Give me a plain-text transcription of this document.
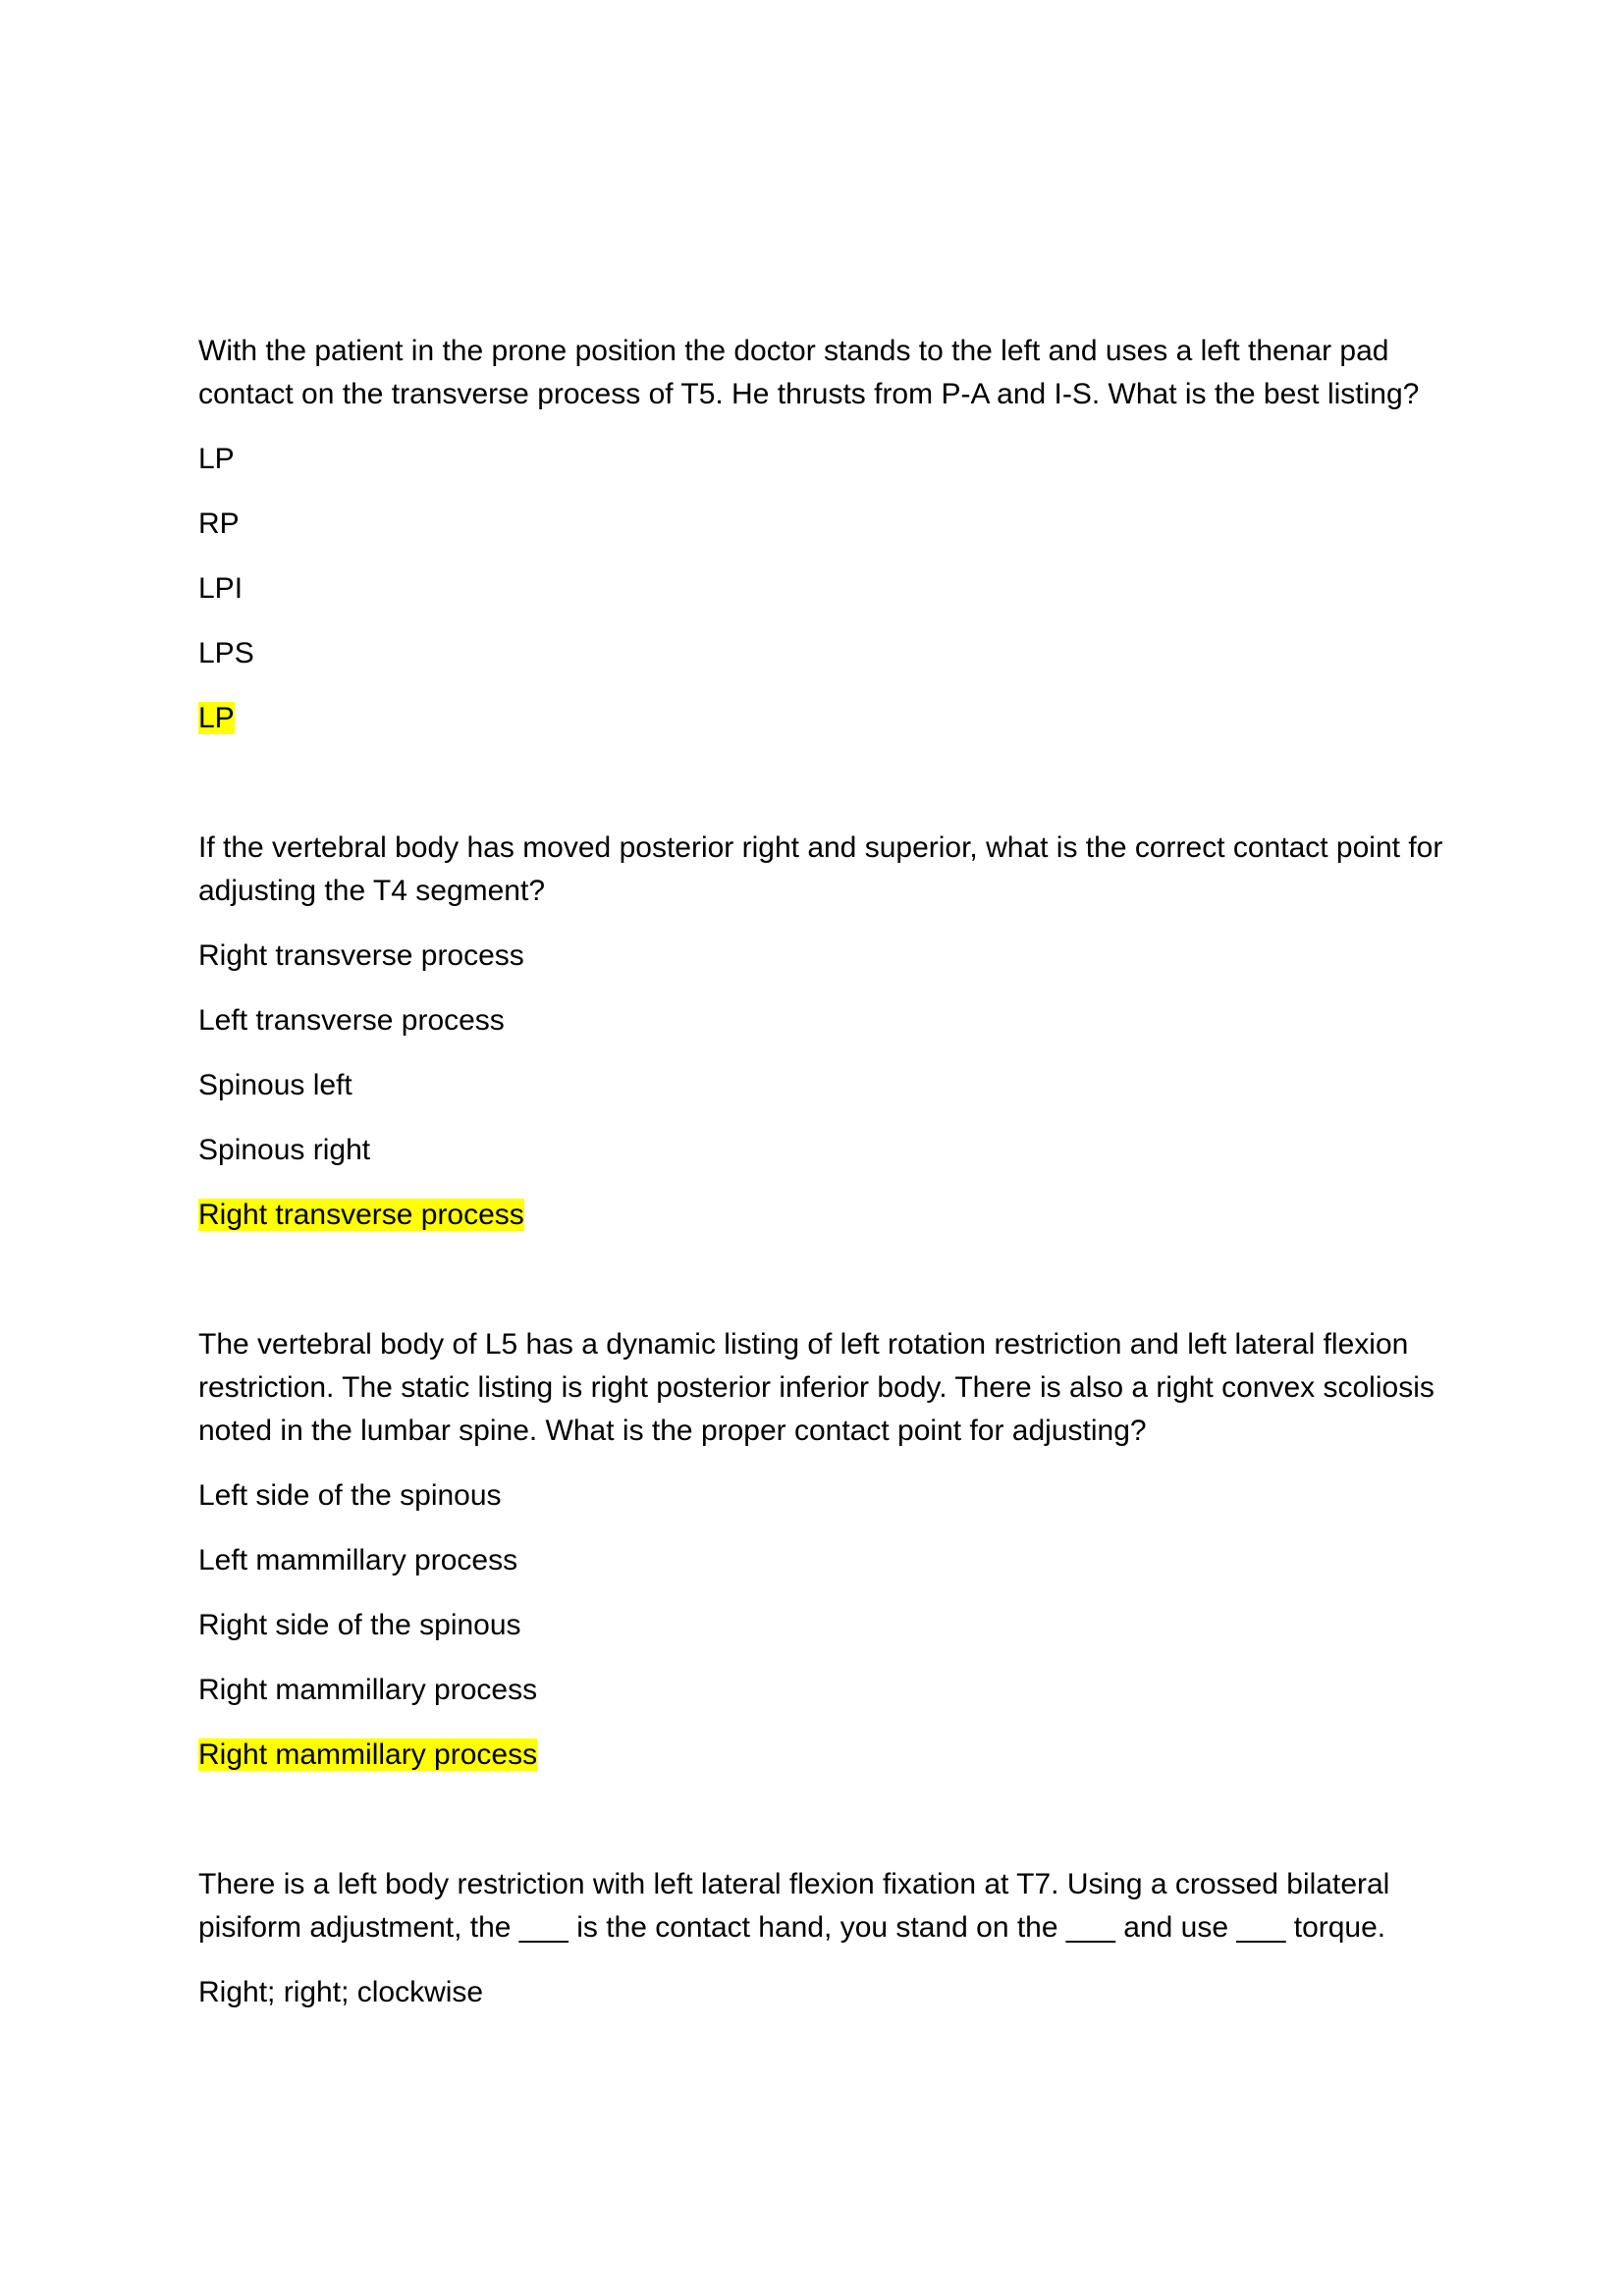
With the patient in the prone position the doctor stands to the left and uses a left thenar pad contact on the transverse process of T5. He thrusts from P-A and I-S. What is the best listing?

LP

RP

LPI

LPS

LP

If the vertebral body has moved posterior right and superior, what is the correct contact point for adjusting the T4 segment?

Right transverse process

Left transverse process

Spinous left

Spinous right

Right transverse process

The vertebral body of L5 has a dynamic listing of left rotation restriction and left lateral flexion restriction. The static listing is right posterior inferior body. There is also a right convex scoliosis noted in the lumbar spine. What is the proper contact point for adjusting?

Left side of the spinous

Left mammillary process

Right side of the spinous

Right mammillary process

Right mammillary process

There is a left body restriction with left lateral flexion fixation at T7. Using a crossed bilateral pisiform adjustment, the ___ is the contact hand, you stand on the ___ and use ___ torque.

Right; right; clockwise
